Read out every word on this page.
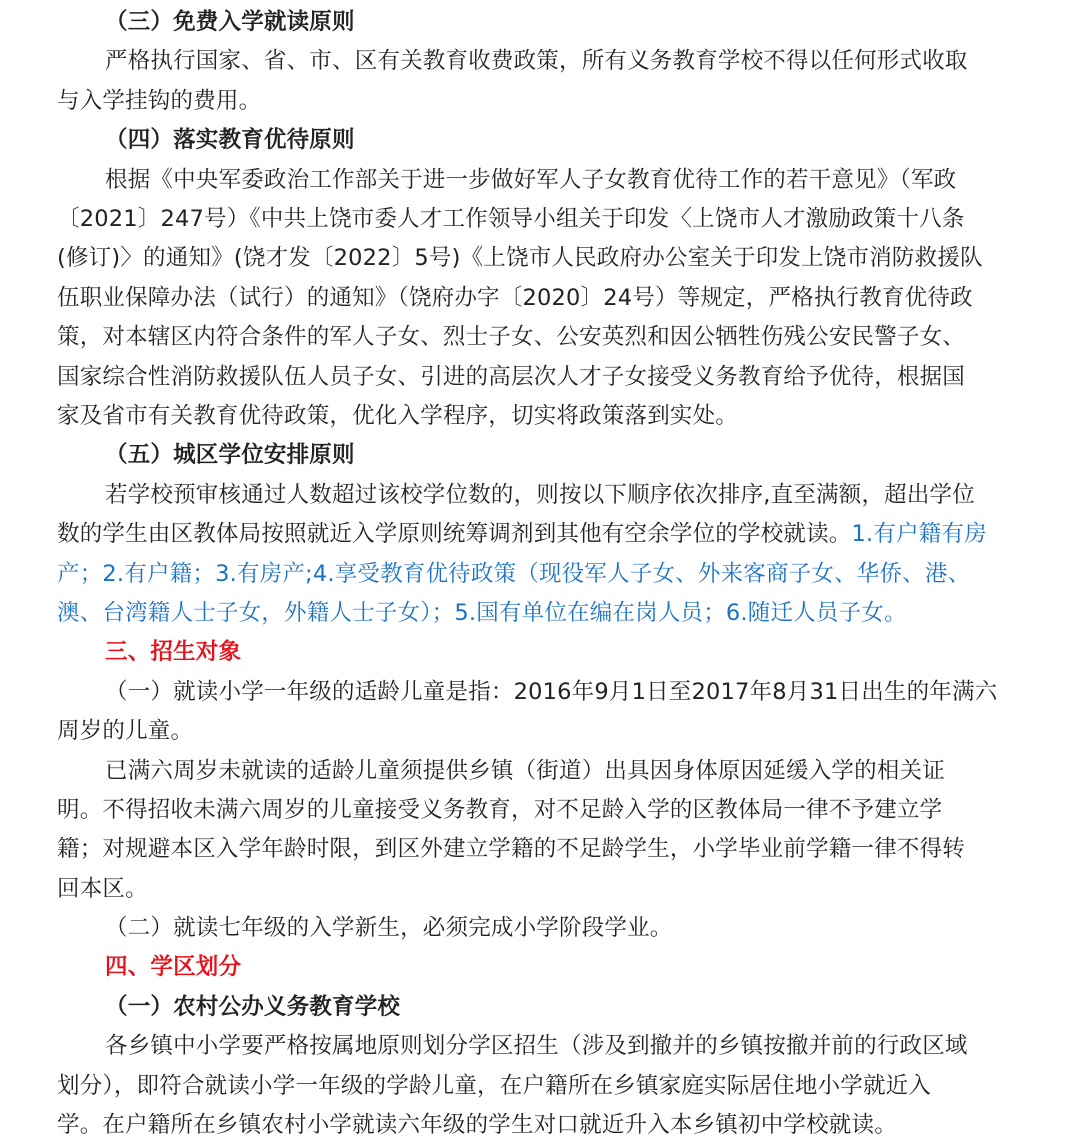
（三）免费入学就读原则
严格执行国家、省、市、区有关教育收费政策，所有义务教育学校不得以任何形式收取
与入学挂钩的费用。
（四）落实教育优待原则
根据《中央军委政治工作部关于进一步做好军人子女教育优待工作的若干意见》（军政
〔2021〕247号）《中共上饶市委人才工作领导小组关于印发〈上饶市人才激励政策十八条
(修订)〉的通知》(饶才发〔2022〕5号)《上饶市人民政府办公室关于印发上饶市消防救援队
伍职业保障办法（试行）的通知》（饶府办字〔2020〕24号）等规定，严格执行教育优待政
策，对本辖区内符合条件的军人子女、烈士子女、公安英烈和因公牺牲伤残公安民警子女、
国家综合性消防救援队伍人员子女、引进的高层次人才子女接受义务教育给予优待，根据国
家及省市有关教育优待政策，优化入学程序，切实将政策落到实处。
（五）城区学位安排原则
若学校预审核通过人数超过该校学位数的，则按以下顺序依次排序,直至满额，超出学位
数的学生由区教体局按照就近入学原则统筹调剂到其他有空余学位的学校就读。1.有户籍有房
产；2.有户籍；3.有房产;4.享受教育优待政策（现役军人子女、外来客商子女、华侨、港、
澳、台湾籍人士子女，外籍人士子女）；5.国有单位在编在岗人员；6.随迁人员子女。
三、招生对象
（一）就读小学一年级的适龄儿童是指：2016年9月1日至2017年8月31日出生的年满六
周岁的儿童。
已满六周岁未就读的适龄儿童须提供乡镇（街道）出具因身体原因延缓入学的相关证
明。不得招收未满六周岁的儿童接受义务教育，对不足龄入学的区教体局一律不予建立学
籍；对规避本区入学年龄时限，到区外建立学籍的不足龄学生，小学毕业前学籍一律不得转
回本区。
（二）就读七年级的入学新生，必须完成小学阶段学业。
四、学区划分
（一）农村公办义务教育学校
各乡镇中小学要严格按属地原则划分学区招生（涉及到撤并的乡镇按撤并前的行政区域
划分），即符合就读小学一年级的学龄儿童，在户籍所在乡镇家庭实际居住地小学就近入
学。在户籍所在乡镇农村小学就读六年级的学生对口就近升入本乡镇初中学校就读。
